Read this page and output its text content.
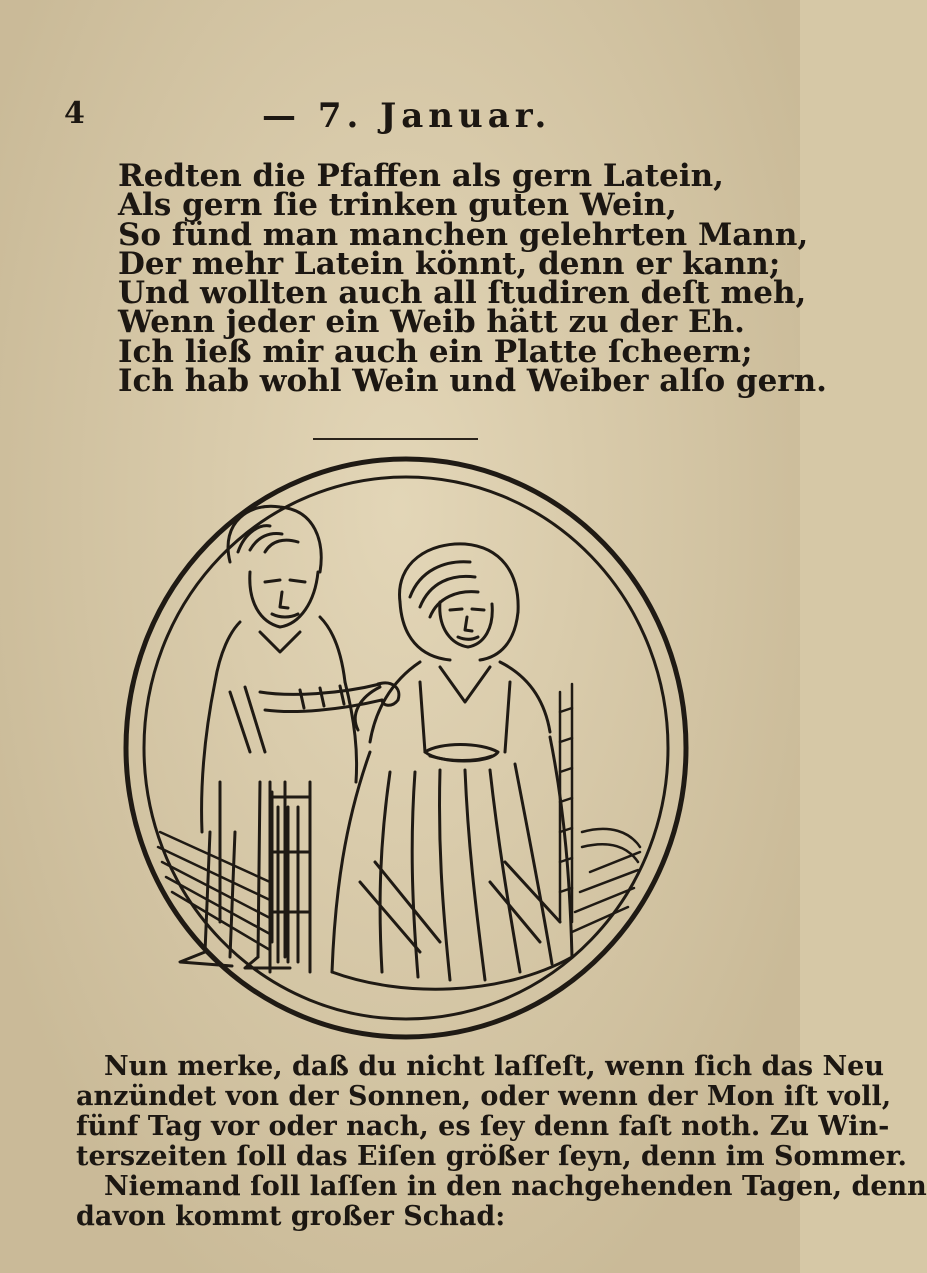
4	— 7. Januar.
Redten die Pfaffen als gern Latein,
Als gern ſie trinken guten Wein,
So fünd man manchen gelehrten Mann,
Der mehr Latein könnt, denn er kann;
Und wollten auch all ſtudiren deſt meh,
Wenn jeder ein Weib hätt zu der Eh.
Ich ließ mir auch ein Platte ſcheern;
Ich hab wohl Wein und Weiber alſo gern.
Nun merke, daß du nicht laſſeſt, wenn ſich das Neu
anzündet von der Sonnen, oder wenn der Mon iſt voll,
fünf Tag vor oder nach, es ſey denn faſt noth. Zu Win-
terszeiten ſoll das Eiſen größer ſeyn, denn im Sommer.
Niemand ſoll laſſen in den nachgehenden Tagen, denn
davon kommt großer Schad:
